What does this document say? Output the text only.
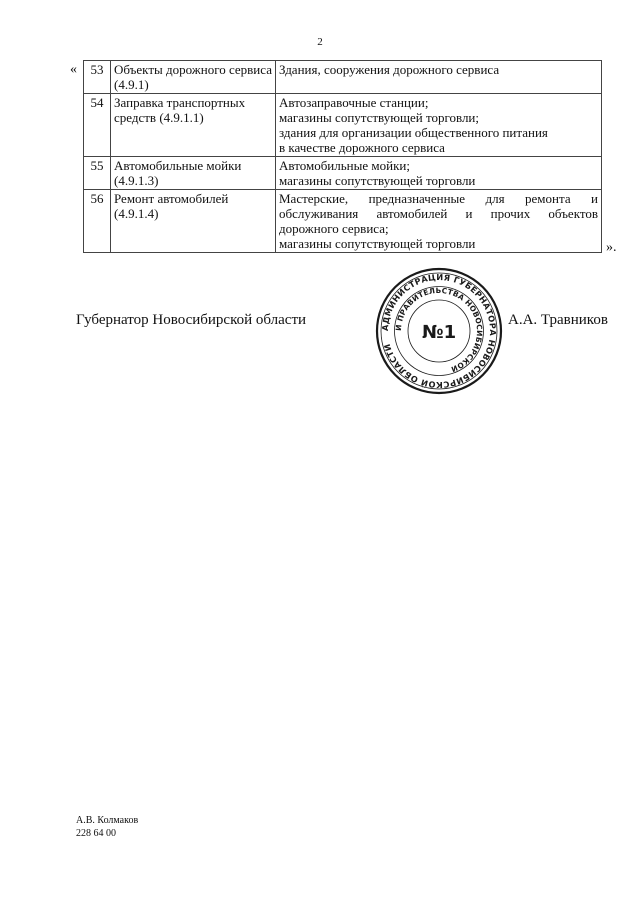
2
« 53	Объекты дорожного сервиса (4.9.1)	Здания, сооружения дорожного сервиса

54	Заправка транспортных средств (4.9.1.1)	Автозаправочные станции;
магазины сопутствующей торговли;
здания для организации общественного питания
в качестве дорожного сервиса

55	Автомобильные мойки (4.9.1.3)	Автомобильные мойки;
магазины сопутствующей торговли

56	Ремонт автомобилей (4.9.1.4)	Мастерские, предназначенные для ремонта и обслуживания автомобилей и прочих объектов дорожного сервиса;
магазины сопутствующей торговли	».
Губернатор Новосибирской области	А.А. Травников
АДМИНИСТРАЦИЯ ГУБЕРНАТОРА НОВОСИБИРСКОЙ ОБЛАСТИ
И ПРАВИТЕЛЬСТВА НОВОСИБИРСКОЙ
№1
А.В. Колмаков
228 64 00
